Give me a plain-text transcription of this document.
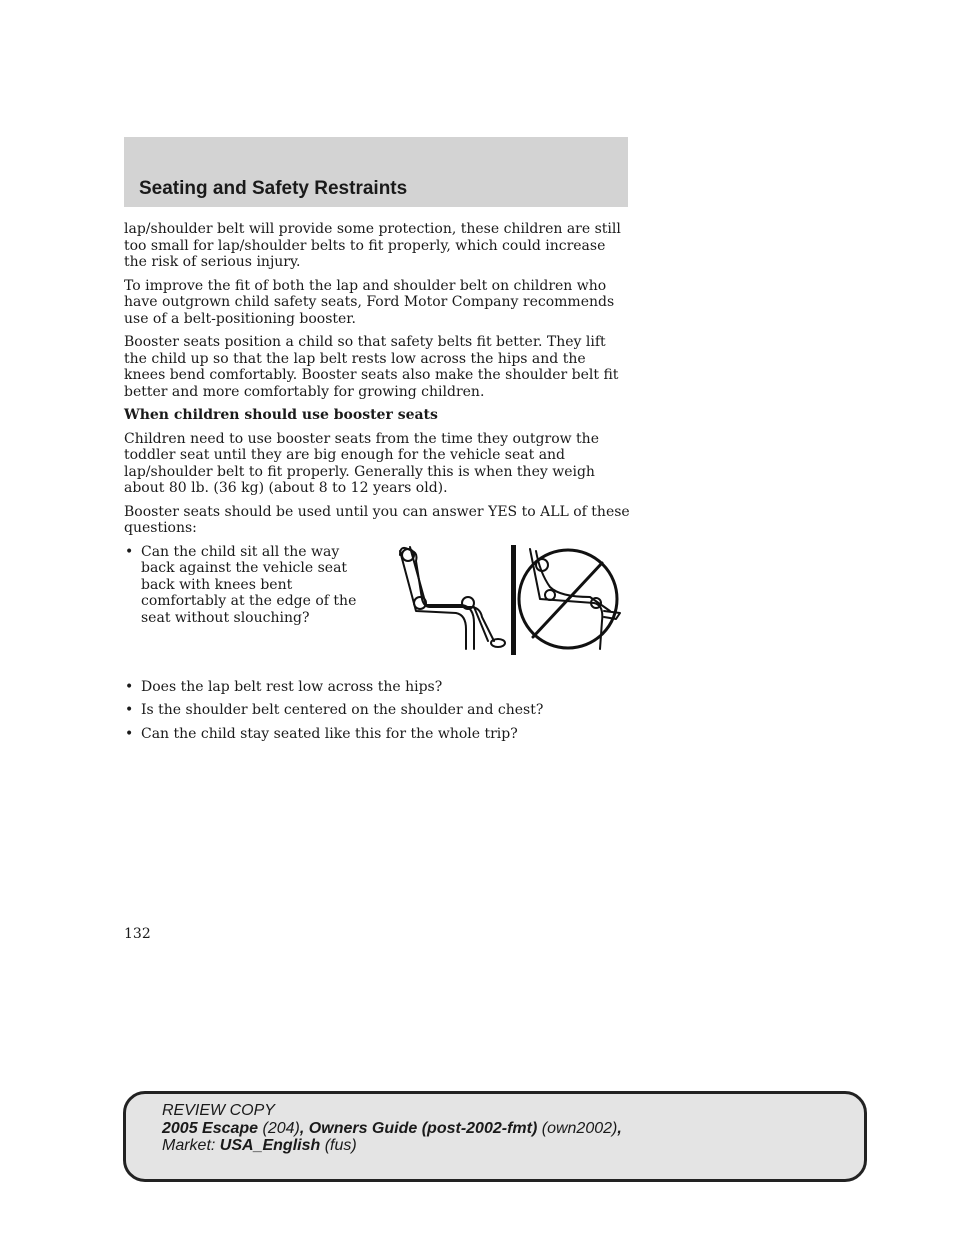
Seating and Safety Restraints

lap/shoulder belt will provide some protection, these children are still too small for lap/shoulder belts to fit properly, which could increase the risk of serious injury.

To improve the fit of both the lap and shoulder belt on children who have outgrown child safety seats, Ford Motor Company recommends use of a belt-positioning booster.

Booster seats position a child so that safety belts fit better. They lift the child up so that the lap belt rests low across the hips and the knees bend comfortably. Booster seats also make the shoulder belt fit better and more comfortably for growing children.

When children should use booster seats

Children need to use booster seats from the time they outgrow the toddler seat until they are big enough for the vehicle seat and lap/shoulder belt to fit properly. Generally this is when they weigh about 80 lb. (36 kg) (about 8 to 12 years old).

Booster seats should be used until you can answer YES to ALL of these questions:

• Can the child sit all the way back against the vehicle seat back with knees bent comfortably at the edge of the seat without slouching?
• Does the lap belt rest low across the hips?
• Is the shoulder belt centered on the shoulder and chest?
• Can the child stay seated like this for the whole trip?
132
REVIEW COPY
2005 Escape (204), Owners Guide (post-2002-fmt) (own2002),
Market: USA_English (fus)
